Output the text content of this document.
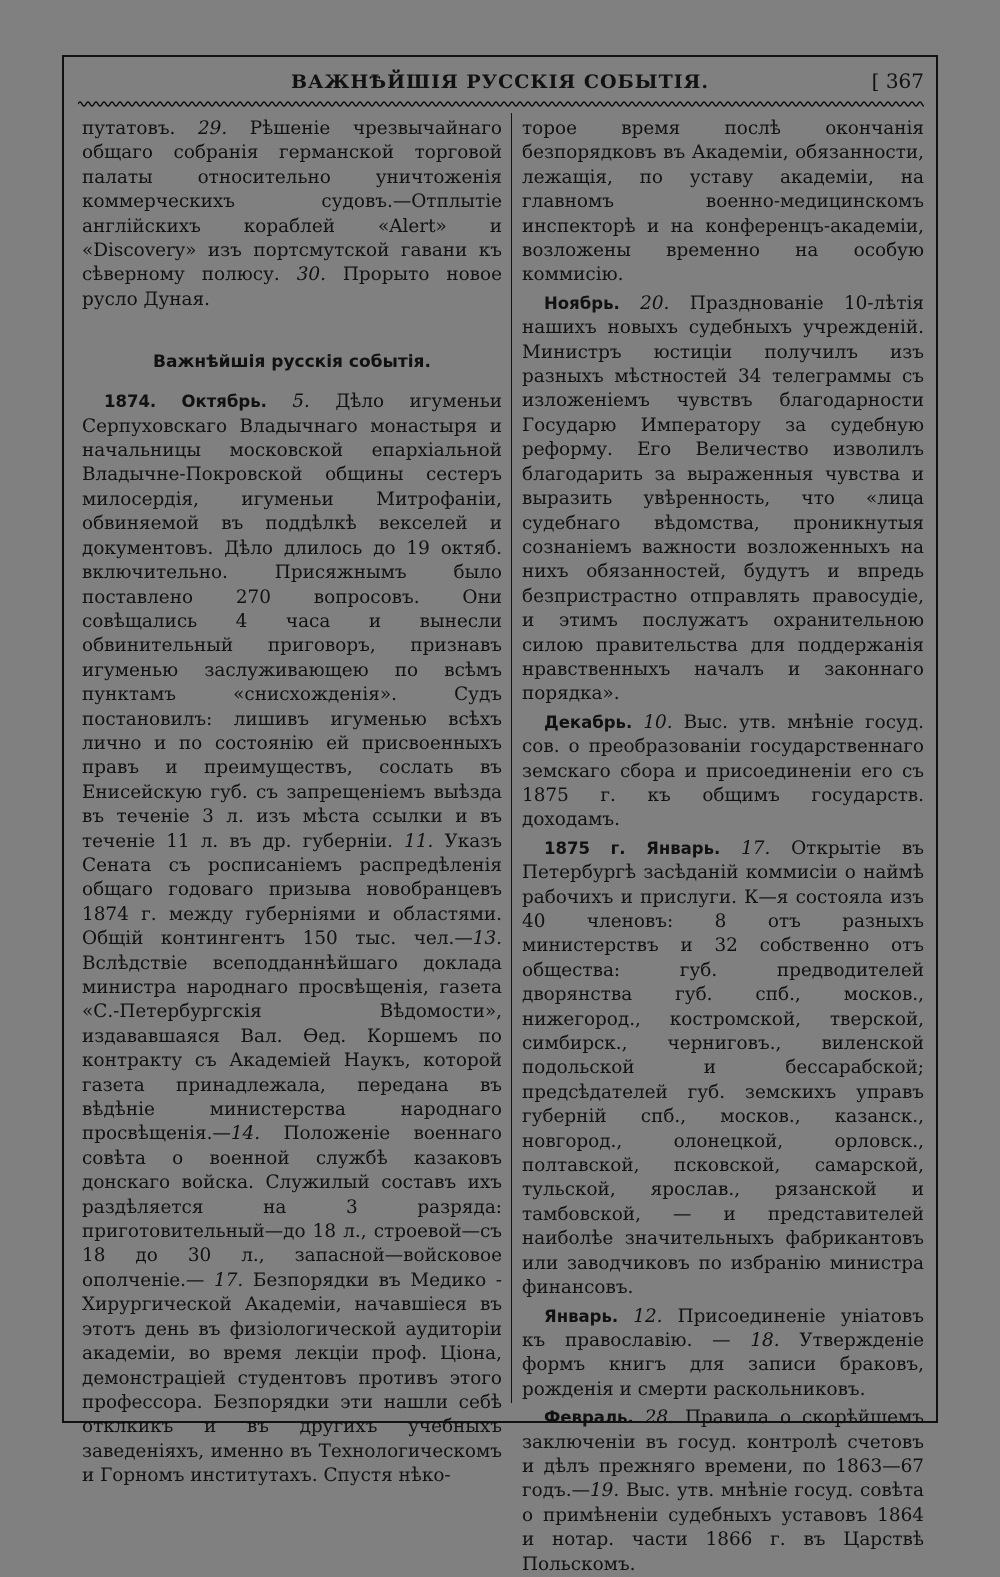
ВАЖНѢЙШІЯ РУССКІЯ СОБЫТІЯ.	[ 367

путатовъ. 29. Рѣшеніе чрезвычайнаго общаго собранія германской торговой палаты относительно уничтоженія коммерческихъ судовъ.—Отплытіе англійскихъ кораблей «Alert» и «Discovery» изъ портсмутской гавани къ сѣверному полюсу. 30. Прорыто новое русло Дуная.

Важнѣйшія русскія событія.

1874. Октябрь. 5. Дѣло игуменьи Серпуховскаго Владычнаго монастыря и начальницы московской епархіальной Владычне-Покровской общины сестеръ милосердія, игуменьи Митрофаніи, обвиняемой въ поддѣлкѣ векселей и документовъ. Дѣло длилось до 19 октяб. включительно. Присяжнымъ было поставлено 270 вопросовъ. Они совѣщались 4 часа и вынесли обвинительный приговоръ, признавъ игуменью заслуживающею по всѣмъ пунктамъ «снисхожденія». Судъ постановилъ: лишивъ игуменью всѣхъ лично и по состоянію ей присвоенныхъ правъ и преимуществъ, сослать въ Енисейскую губ. съ запрещеніемъ выѣзда въ теченіе 3 л. изъ мѣста ссылки и въ теченіе 11 л. въ др. губерніи. 11. Указъ Сената съ росписаніемъ распредѣленія общаго годоваго призыва новобранцевъ 1874 г. между губерніями и областями. Общій контингентъ 150 тыс. чел.—13. Вслѣдствіе всеподданнѣйшаго доклада министра народнаго просвѣщенія, газета «С.-Петербургскія Вѣдомости», издававшаяся Вал. Ѳед. Коршемъ по контракту съ Академіей Наукъ, которой газета принадлежала, передана въ вѣдѣніе министерства народнаго просвѣщенія.—14. Положеніе военнаго совѣта о военной службѣ казаковъ донскаго войска. Служилый составъ ихъ раздѣляется на 3 разряда: приготовительный—до 18 л., строевой—съ 18 до 30 л., запасной—войсковое ополченіе.— 17. Безпорядки въ Медико - Хирургической Академіи, начавшіеся въ этотъ день въ физіологической аудиторіи академіи, во время лекціи проф. Ціона, демонстраціей студентовъ противъ этого профессора. Безпорядки эти нашли себѣ отклкикъ и въ другихъ учебныхъ заведеніяхъ, именно въ Технологическомъ и Горномъ институтахъ. Спустя нѣко-

торое время послѣ окончанія безпорядковъ въ Академіи, обязанности, лежащія, по уставу академіи, на главномъ военно-медицинскомъ инспекторѣ и на конференцъ-академіи, возложены временно на особую коммисію.

Ноябрь. 20. Празднованіе 10-лѣтія нашихъ новыхъ судебныхъ учрежденій. Министръ юстиціи получилъ изъ разныхъ мѣстностей 34 телеграммы съ изложеніемъ чувствъ благодарности Государю Императору за судебную реформу. Его Величество изволилъ благодарить за выраженныя чувства и выразить увѣренность, что «лица судебнаго вѣдомства, проникнутыя сознаніемъ важности возложенныхъ на нихъ обязанностей, будутъ и впредь безпристрастно отправлять правосудіе, и этимъ послужатъ охранительною силою правительства для поддержанія нравственныхъ началъ и законнаго порядка».

Декабрь. 10. Выс. утв. мнѣніе госуд. сов. о преобразованіи государственнаго земскаго сбора и присоединеніи его съ 1875 г. къ общимъ государств. доходамъ.

1875 г. Январь. 17. Открытіе въ Петербургѣ засѣданій коммисіи о наймѣ рабочихъ и прислуги. К—я состояла изъ 40 членовъ: 8 отъ разныхъ министерствъ и 32 собственно отъ общества: губ. предводителей дворянства губ. спб., москов., нижегород., костромской, тверской, симбирск., черниговъ., виленской подольской и бессарабской; предсѣдателей губ. земскихъ управъ губерній спб., москов., казанск., новгород., олонецкой, орловск., полтавской, псковской, самарской, тульской, ярослав., рязанской и тамбовской, — и представителей наиболѣе значительныхъ фабрикантовъ или заводчиковъ по избранію министра финансовъ.

Январь. 12. Присоединеніе уніатовъ къ православію. — 18. Утвержденіе формъ книгъ для записи браковъ, рожденія и смерти раскольниковъ.

Февраль. 28. Правила о скорѣйшемъ заключеніи въ госуд. контролѣ счетовъ и дѣлъ прежняго времени, по 1863—67 годъ.—19. Выс. утв. мнѣніе госуд. совѣта о примѣненіи судебныхъ уставовъ 1864 и нотар. части 1866 г. въ Царствѣ Польскомъ.
